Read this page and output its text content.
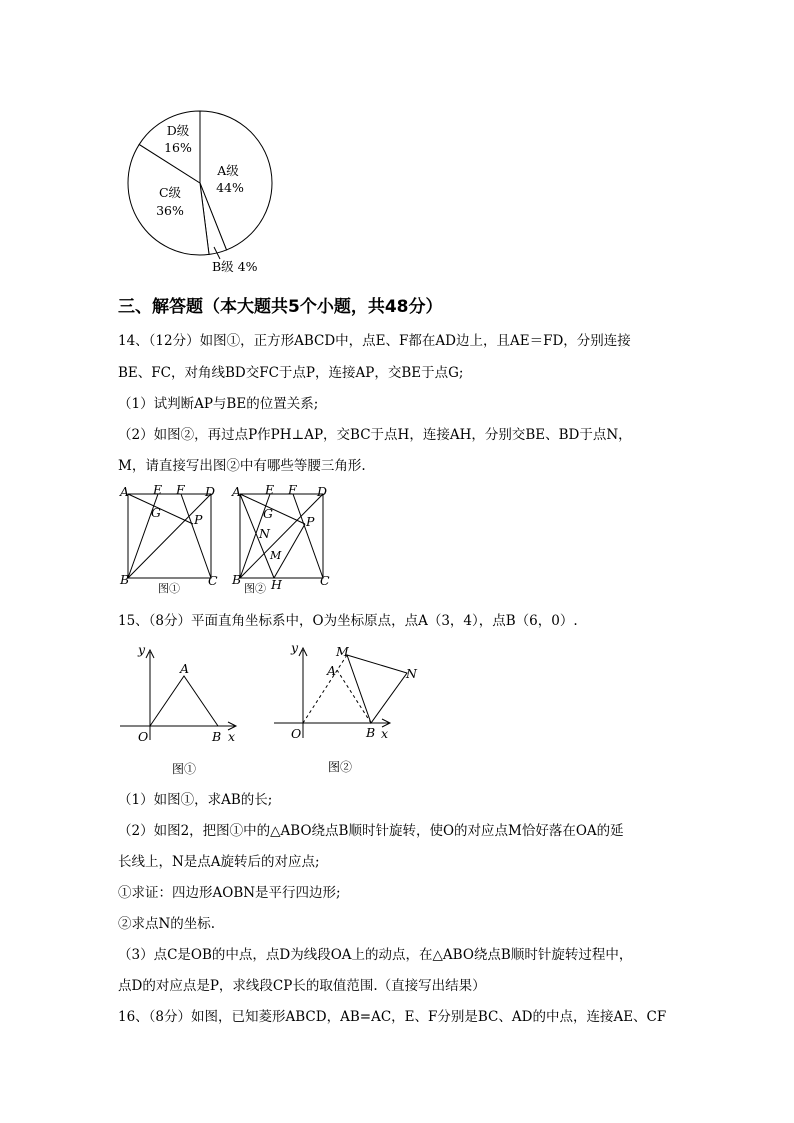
A级
44%
C级
36%
D级
16%
B级 4%
三、解答题（本大题共5个小题，共48分）
14、（12分）如图①，正方形ABCD中，点E、F都在AD边上，且AE＝FD，分别连接
BE、FC，对角线BD交FC于点P，连接AP，交BE于点G;
（1）试判断AP与BE的位置关系;
（2）如图②，再过点P作PH⊥AP，交BC于点H，连接AH，分别交BE、BD于点N，
M，请直接写出图②中有哪些等腰三角形.
A E F D
G	P
B	C
图①
A E F D
G
P
N
M
B H	C
图②
15、（8分）平面直角坐标系中，O为坐标原点，点A（3，4），点B（6，0）.
y
x
O
A
B
图①
y
x
O
A
M
N
B
图②
（1）如图①，求AB的长;
（2）如图2，把图①中的△ABO绕点B顺时针旋转，使O的对应点M恰好落在OA的延
长线上，N是点A旋转后的对应点;
①求证：四边形AOBN是平行四边形;
②求点N的坐标.
（3）点C是OB的中点，点D为线段OA上的动点，在△ABO绕点B顺时针旋转过程中，
点D的对应点是P，求线段CP长的取值范围.（直接写出结果）
16、（8分）如图，已知菱形ABCD，AB=AC，E、F分别是BC、AD的中点，连接AE、CF
